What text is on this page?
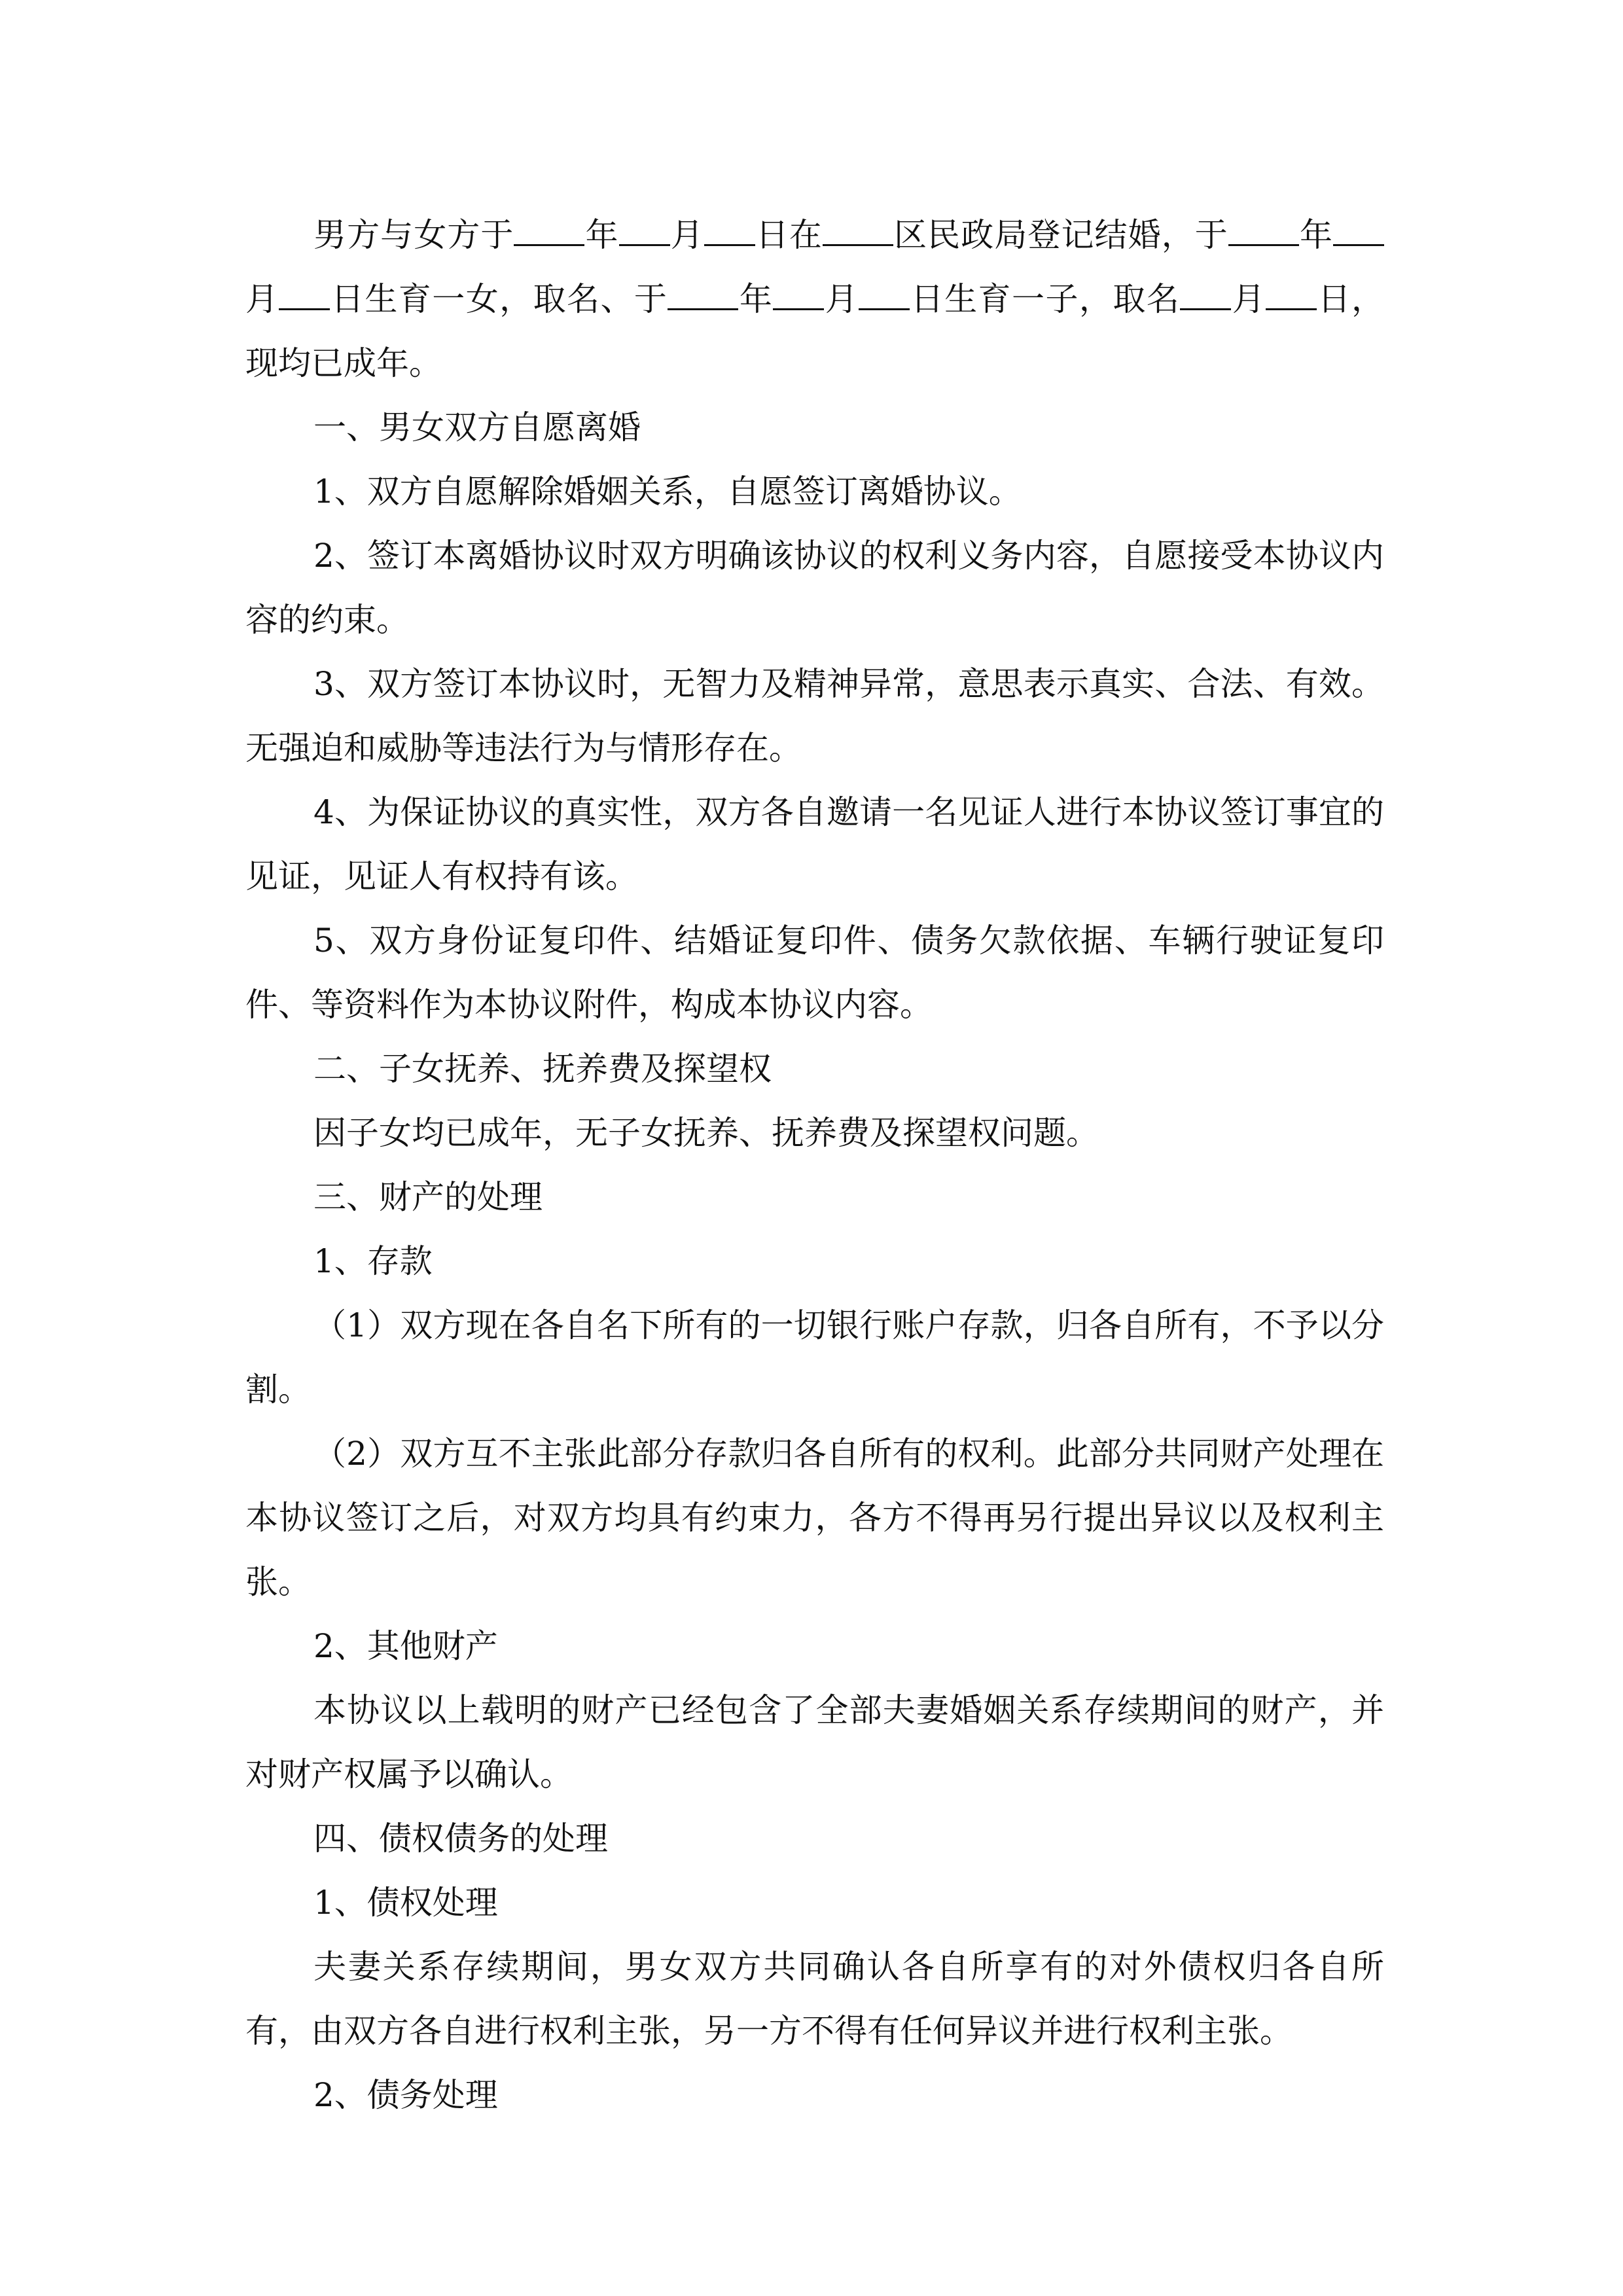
男方与女方于 年 月 日在 区民政局登记结婚，于 年月 日生育一女，取名、于 年 月 日生育一子，取名 月 日，现均已成年。

一、男女双方自愿离婚

1、双方自愿解除婚姻关系，自愿签订离婚协议。

2、签订本离婚协议时双方明确该协议的权利义务内容，自愿接受本协议内容的约束。

3、双方签订本协议时，无智力及精神异常，意思表示真实、合法、有效。无强迫和威胁等违法行为与情形存在。

4、为保证协议的真实性，双方各自邀请一名见证人进行本协议签订事宜的见证，见证人有权持有该。

5、双方身份证复印件、结婚证复印件、债务欠款依据、车辆行驶证复印件、等资料作为本协议附件，构成本协议内容。

二、子女抚养、抚养费及探望权

因子女均已成年，无子女抚养、抚养费及探望权问题。

三、财产的处理

1、存款

（1）双方现在各自名下所有的一切银行账户存款，归各自所有，不予以分割。

（2）双方互不主张此部分存款归各自所有的权利。此部分共同财产处理在本协议签订之后，对双方均具有约束力，各方不得再另行提出异议以及权利主张。

2、其他财产

本协议以上载明的财产已经包含了全部夫妻婚姻关系存续期间的财产，并对财产权属予以确认。

四、债权债务的处理

1、债权处理

夫妻关系存续期间，男女双方共同确认各自所享有的对外债权归各自所有，由双方各自进行权利主张，另一方不得有任何异议并进行权利主张。

2、债务处理
